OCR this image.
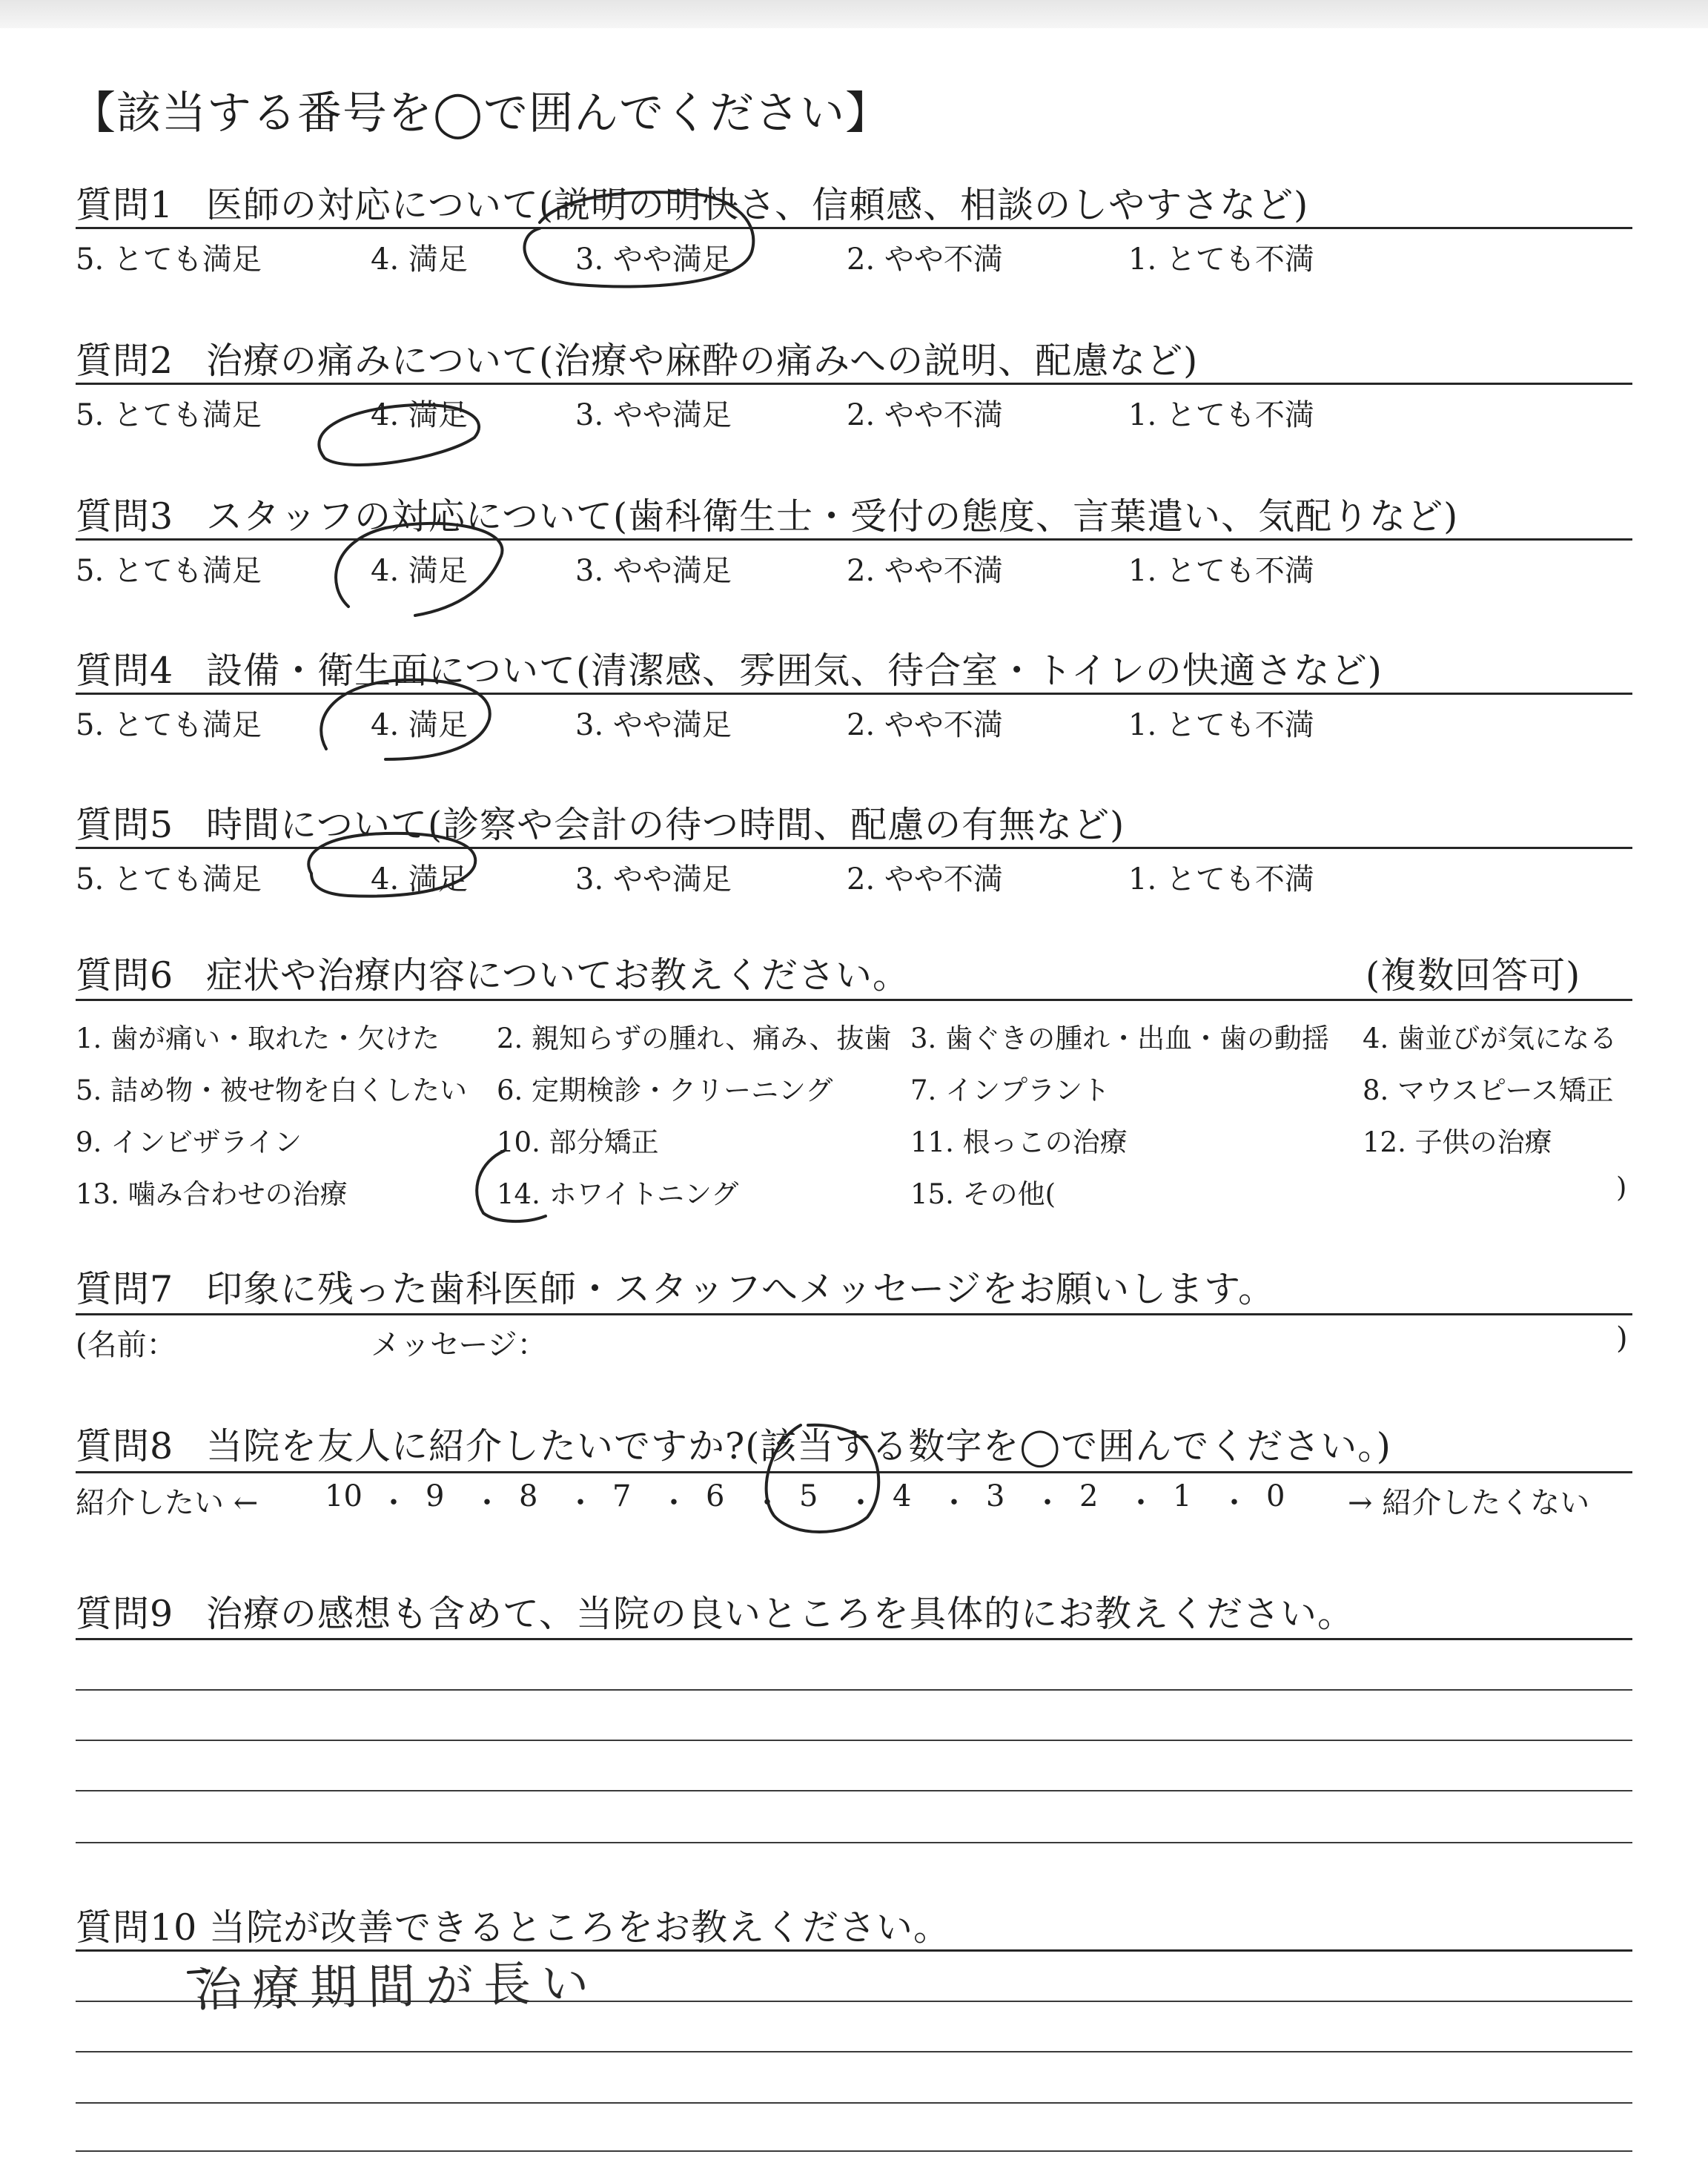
【該当する番号を◯で囲んでください】
質問1 医師の対応について(説明の明快さ、信頼感、相談のしやすさなど)
5. とても満足	4. 満足	3. やや満足	2. やや不満	1. とても不満
質問2 治療の痛みについて(治療や麻酔の痛みへの説明、配慮など)
5. とても満足	4. 満足	3. やや満足	2. やや不満	1. とても不満
質問3 スタッフの対応について(歯科衛生士・受付の態度、言葉遣い、気配りなど)
5. とても満足	4. 満足	3. やや満足	2. やや不満	1. とても不満
質問4 設備・衛生面について(清潔感、雰囲気、待合室・トイレの快適さなど)
5. とても満足	4. 満足	3. やや満足	2. やや不満	1. とても不満
質問5 時間について(診察や会計の待つ時間、配慮の有無など)
5. とても満足	4. 満足	3. やや満足	2. やや不満	1. とても不満
質問6 症状や治療内容についてお教えください。	(複数回答可)
1. 歯が痛い・取れた・欠けた 2. 親知らずの腫れ、痛み、抜歯 3. 歯ぐきの腫れ・出血・歯の動揺 4. 歯並びが気になる
5. 詰め物・被せ物を白くしたい 6. 定期検診・クリーニング	7. インプラント	8. マウスピース矯正
9. インビザライン	10. 部分矯正	11. 根っこの治療	12. 子供の治療
13. 噛み合わせの治療	14. ホワイトニング	15. その他(	)
質問7 印象に残った歯科医師・スタッフへメッセージをお願いします。
(名前：	メッセージ：	)
質問8 当院を友人に紹介したいですか?(該当する数字を◯で囲んでください。)
紹介したい ←	→ 紹介したくない
10 ・ 9 ・ 8 ・ 7 ・ 6 ・ 5 ・ 4 ・ 3 ・ 2 ・ 1 ・ 0
質問9 治療の感想も含めて、当院の良いところを具体的にお教えください。
質問10 当院が改善できるところをお教えください。
治療期間が長い
